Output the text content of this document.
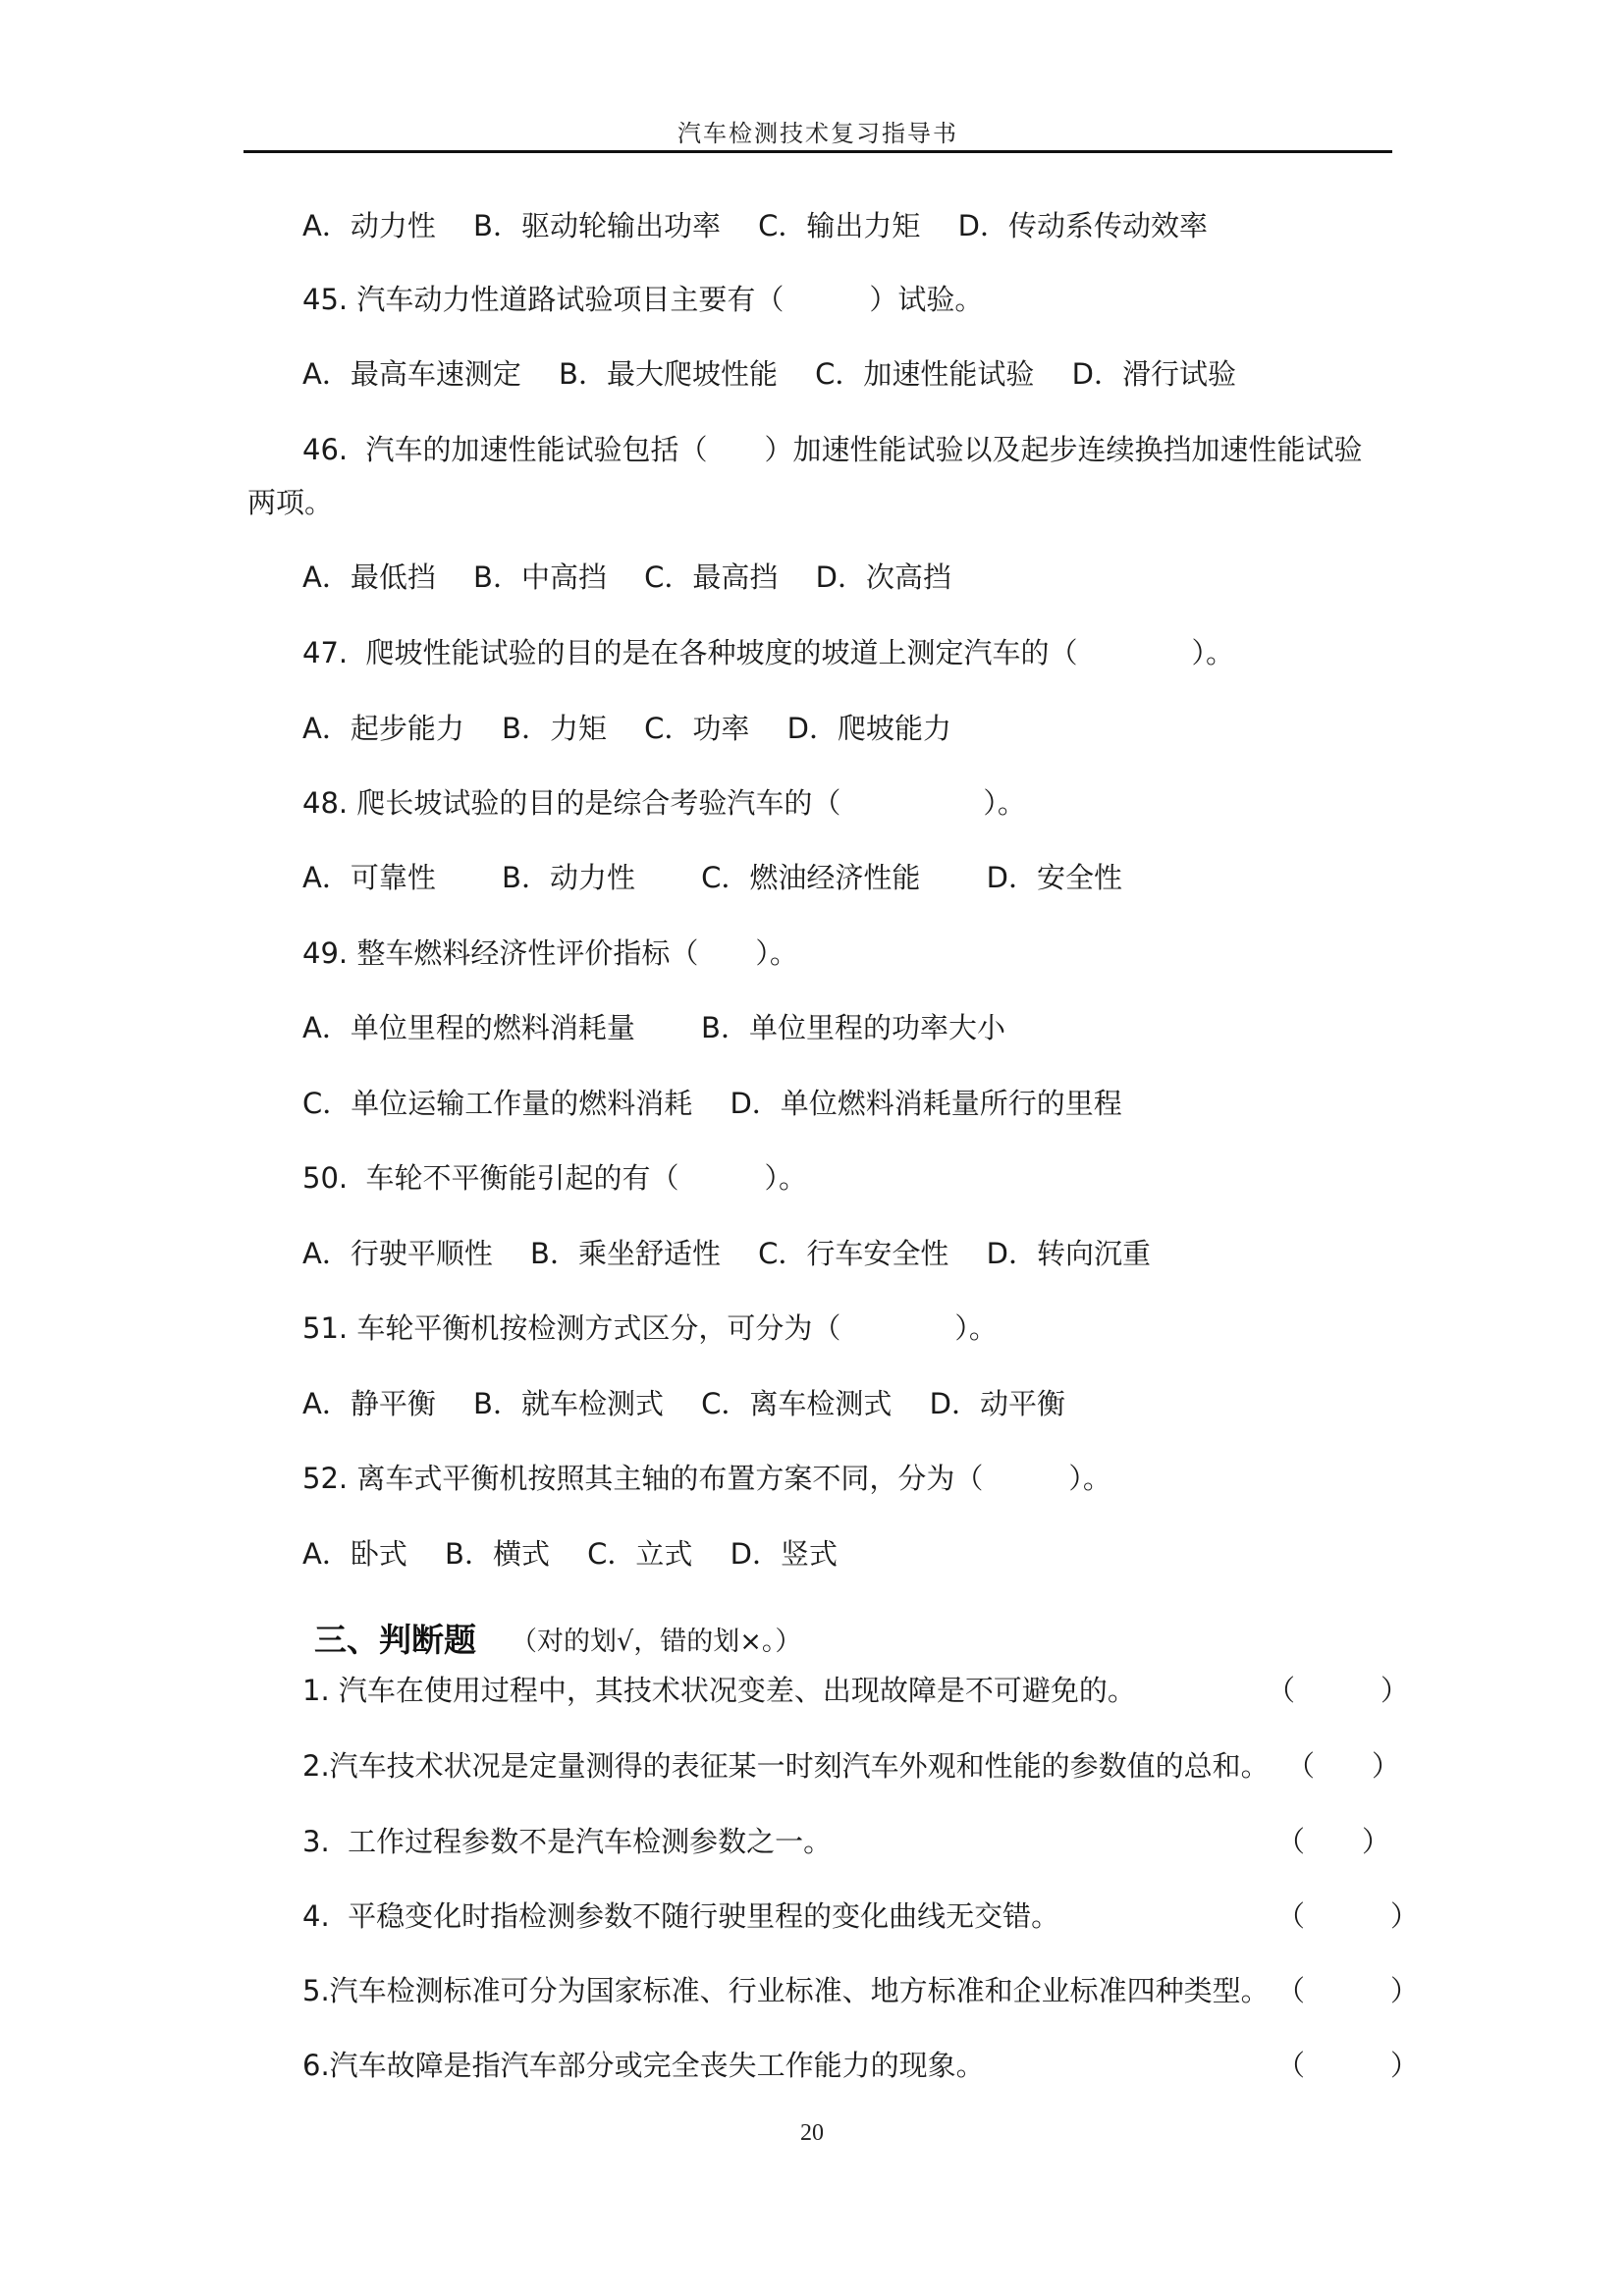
汽车检测技术复习指导书
A．动力性　 B．驱动轮输出功率　 C．输出力矩　 D．传动系传动效率
45. 汽车动力性道路试验项目主要有（　　　）试验。
A．最高车速测定　 B．最大爬坡性能　 C．加速性能试验　 D．滑行试验
46.  汽车的加速性能试验包括（　　）加速性能试验以及起步连续换挡加速性能试验
两项。
A．最低挡　 B．中高挡　 C．最高挡　 D．次高挡
47.  爬坡性能试验的目的是在各种坡度的坡道上测定汽车的（　　　　）。
A．起步能力　 B．力矩　 C．功率　 D．爬坡能力
48. 爬长坡试验的目的是综合考验汽车的（　　　　　）。
A．可靠性　　 B．动力性　　 C．燃油经济性能　　 D．安全性
49. 整车燃料经济性评价指标（　　）。
A．单位里程的燃料消耗量　　 B．单位里程的功率大小
C．单位运输工作量的燃料消耗　 D．单位燃料消耗量所行的里程
50.  车轮不平衡能引起的有（　　　）。
A．行驶平顺性　 B．乘坐舒适性　 C．行车安全性　 D．转向沉重
51. 车轮平衡机按检测方式区分，可分为（　　　　）。
A．静平衡　 B．就车检测式　 C．离车检测式　 D．动平衡
52. 离车式平衡机按照其主轴的布置方案不同，分为（　　　）。
A．卧式　 B．横式　 C．立式　 D．竖式
三、判断题 （对的划√，错的划×。）
1. 汽车在使用过程中，其技术状况变差、出现故障是不可避免的。	（　　　）
2.汽车技术状况是定量测得的表征某一时刻汽车外观和性能的参数值的总和。 （　　）
3.  工作过程参数不是汽车检测参数之一。	（　　）
4.  平稳变化时指检测参数不随行驶里程的变化曲线无交错。	（　　　）
5.汽车检测标准可分为国家标准、行业标准、地方标准和企业标准四种类型。 （　　　）
6.汽车故障是指汽车部分或完全丧失工作能力的现象。	（　　　）
20
